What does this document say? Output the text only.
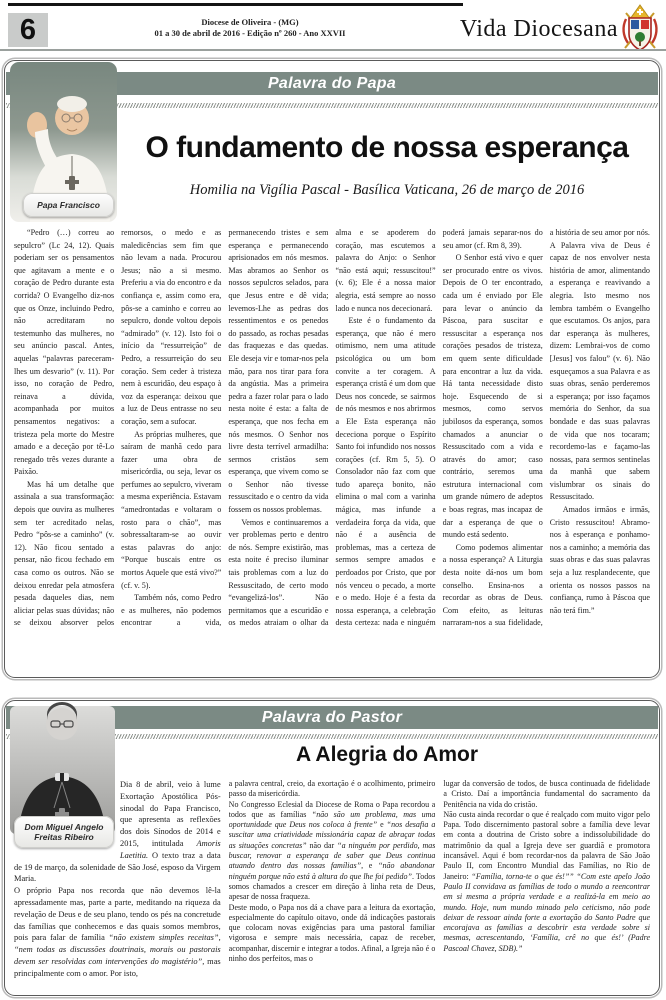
6	Diocese de Oliveira - (MG)
01 a 30 de abril de 2016 - Edição nº 260 - Ano XXVII	Vida Diocesana
Palavra do Papa
Papa Francisco
O fundamento de nossa esperança
Homilia na Vigília Pascal - Basílica Vaticana, 26 de março de 2016

“Pedro (…) correu ao sepulcro” (Lc 24, 12). Quais poderiam ser os pensamentos que agitavam a mente e o coração de Pedro durante esta corrida? O Evangelho diz-nos que os Onze, incluindo Pedro, não acreditaram no testemunho das mulheres, no seu anúncio pascal. Antes, aquelas “palavras pareceram-lhes um desvario” (v. 11). Por isso, no coração de Pedro, reinava a dúvida, acompanhada por muitos pensamentos negativos: a tristeza pela morte do Mestre amado e a deceção por tê-Lo renegado três vezes durante a Paixão.

Mas há um detalhe que assinala a sua transformação: depois que ouvira as mulheres sem ter acreditado nelas, Pedro “pôs-se a caminho” (v. 12). Não ficou sentado a pensar, não ficou fechado em casa como os outros. Não se deixou enredar pela atmosfera pesada daqueles dias, nem aliciar pelas suas dúvidas; não se deixou absorver pelos remorsos, o medo e as maledicências sem fim que não levam a nada. Procurou Jesus; não a si mesmo. Preferiu a via do encontro e da confiança e, assim como era, pôs-se a caminho e correu ao sepulcro, donde voltou depois “admirado” (v. 12). Isto foi o início da “ressurreição” de Pedro, a ressurreição do seu coração. Sem ceder à tristeza nem à escuridão, deu espaço à voz da esperança: deixou que a luz de Deus entrasse no seu coração, sem a sufocar.

As próprias mulheres, que saíram de manhã cedo para fazer uma obra de misericórdia, ou seja, levar os perfumes ao sepulcro, viveram a mesma experiência. Estavam “amedrontadas e voltaram o rosto para o chão”, mas sobressaltaram-se ao ouvir estas palavras do anjo: “Porque buscais entre os mortos Aquele que está vivo?” (cf. v. 5).

Também nós, como Pedro e as mulheres, não podemos encontrar a vida, permanecendo tristes e sem esperança e permanecendo aprisionados em nós mesmos. Mas abramos ao Senhor os nossos sepulcros selados, para que Jesus entre e dê vida; levemos-Lhe as pedras dos ressentimentos e os penedos do passado, as rochas pesadas das fraquezas e das quedas. Ele deseja vir e tomar-nos pela mão, para nos tirar para fora da angústia. Mas a primeira pedra a fazer rolar para o lado nesta noite é esta: a falta de esperança, que nos fecha em nós mesmos. O Senhor nos livre desta terrível armadilha: sermos cristãos sem esperança, que vivem como se o Senhor não tivesse ressuscitado e o centro da vida fossem os nossos problemas.

Vemos e continuaremos a ver problemas perto e dentro de nós. Sempre existirão, mas esta noite é preciso iluminar tais problemas com a luz do Ressuscitado, de certo modo “evangelizá-los”. Não permitamos que a escuridão e os medos atraiam o olhar da alma e se apoderem do coração, mas escutemos a palavra do Anjo: o Senhor “não está aqui; ressuscitou!” (v. 6); Ele é a nossa maior alegria, está sempre ao nosso lado e nunca nos dececionará.

Este é o fundamento da esperança, que não é mero otimismo, nem uma atitude psicológica ou um bom convite a ter coragem. A esperança cristã é um dom que Deus nos concede, se sairmos de nós mesmos e nos abrirmos a Ele Esta esperança não dececiona porque o Espírito Santo foi infundido nos nossos corações (cf. Rm 5, 5). O Consolador não faz com que tudo apareça bonito, não elimina o mal com a varinha mágica, mas infunde a verdadeira força da vida, que não é a ausência de problemas, mas a certeza de sermos sempre amados e perdoados por Cristo, que por nós venceu o pecado, a morte e o medo. Hoje é a festa da nossa esperança, a celebração desta certeza: nada e ninguém poderá jamais separar-nos do seu amor (cf. Rm 8, 39).

O Senhor está vivo e quer ser procurado entre os vivos. Depois de O ter encontrado, cada um é enviado por Ele para levar o anúncio da Páscoa, para suscitar e ressuscitar a esperança nos corações pesados de tristeza, em quem sente dificuldade para encontrar a luz da vida. Há tanta necessidade disto hoje. Esquecendo de si mesmos, como servos jubilosos da esperança, somos chamados a anunciar o Ressuscitado com a vida e através do amor; caso contrário, seremos uma estrutura internacional com um grande número de adeptos e boas regras, mas incapaz de dar a esperança de que o mundo está sedento.

Como podemos alimentar a nossa esperança? A Liturgia desta noite dá-nos um bom conselho. Ensina-nos a recordar as obras de Deus. Com efeito, as leituras narraram-nos a sua fidelidade, a história de seu amor por nós. A Palavra viva de Deus é capaz de nos envolver nesta história de amor, alimentando a esperança e reavivando a alegria. Isto mesmo nos lembra também o Evangelho que escutamos. Os anjos, para dar esperança às mulheres, dizem: Lembrai-vos de como [Jesus] vos falou” (v. 6). Não esqueçamos a sua Palavra e as suas obras, senão perderemos a esperança; por isso façamos memória do Senhor, da sua bondade e das suas palavras de vida que nos tocaram; recordemo-las e façamo-las nossas, para sermos sentinelas da manhã que sabem vislumbrar os sinais do Ressuscitado.

Amados irmãos e irmãs, Cristo ressuscitou! Abramo-nos à esperança e ponhamo-nos a caminho; a memória das suas obras e das suas palavras seja a luz resplandecente, que orienta os nossos passos na confiança, rumo à Páscoa que não terá fim.”

Palavra do Pastor
A Alegria do Amor

Dia 8 de abril, veio à lume Exortação Apostólica Pós-sinodal do Papa Francisco, que apresenta as reflexões dos dois Sínodos de 2014 e 2015, intitulada Amoris Laetitia. O texto traz a data de 19 de março, da solenidade de São José, esposo da Virgem Maria.

O próprio Papa nos recorda que não devemos lê-la apressadamente mas, parte a parte, meditando na riqueza da revelação de Deus e de seu plano, tendo os pés na concretude das famílias que conhecemos e das quais somos membros, pois para falar de família “não existem simples receitas”, “nem todas as discussões doutrinais, morais ou pastorais devem ser resolvidas com intervenções do magistério”, mas principalmente com o amor. Por isto,

a palavra central, creio, da exortação é o acolhimento, primeiro passo da misericórdia.

No Congresso Eclesial da Diocese de Roma o Papa recordou a todos que as famílias “não são um problema, mas uma oportunidade que Deus nos coloca à frente” e “nos desafia a suscitar uma criatividade missionária capaz de abraçar todas as situações concretas” não dar “a ninguém por perdido, mas buscar, renovar a esperança de saber que Deus continua atuando dentro das nossas famílias”, e “não abandonar ninguém porque não está à altura do que lhe foi pedido”. Todos somos chamados a crescer em direção à linha reta de Deus, apesar de nossa fraqueza.

Deste modo, o Papa nos dá a chave para a leitura da exortação, especialmente do capítulo oitavo, onde dá indicações pastorais que colocam novas exigências para uma pastoral familiar vigorosa e sempre mais necessária, capaz de receber, acompanhar, discernir e integrar a todos. Afinal, a Igreja não é o ninho dos perfeitos, mas o

lugar da conversão de todos, de busca continuada de fidelidade a Cristo. Daí a importância fundamental do sacramento da Penitência na vida do cristão.

Não custa ainda recordar o que é realçado com muito vigor pelo Papa. Todo discernimento pastoral sobre a família deve levar em conta a doutrina de Cristo sobre a indissolubilidade do matrimônio da qual a Igreja deve ser guardiã e promotora incansável. Aqui é bom recordar-nos da palavra de São João Paulo II, com Encontro Mundial das Famílias, no Rio de Janeiro: “Família, torna-te o que és!”” “Com este apelo João Paulo II convidava as famílias de todo o mundo a reencontrar em si mesma a própria verdade e a realizá-la em meio ao mundo. Hoje, num mundo minado pelo ceticismo, não pode deixar de ressoar ainda forte a exortação do Santo Padre que encorajava as famílias a descobrir esta verdade sobre si mesmas, acrescentando, ‘Família, crê no que és!’ (Padre Pascoal Chavez, SDB).”

Dom Miguel Angelo
Freitas Ribeiro
